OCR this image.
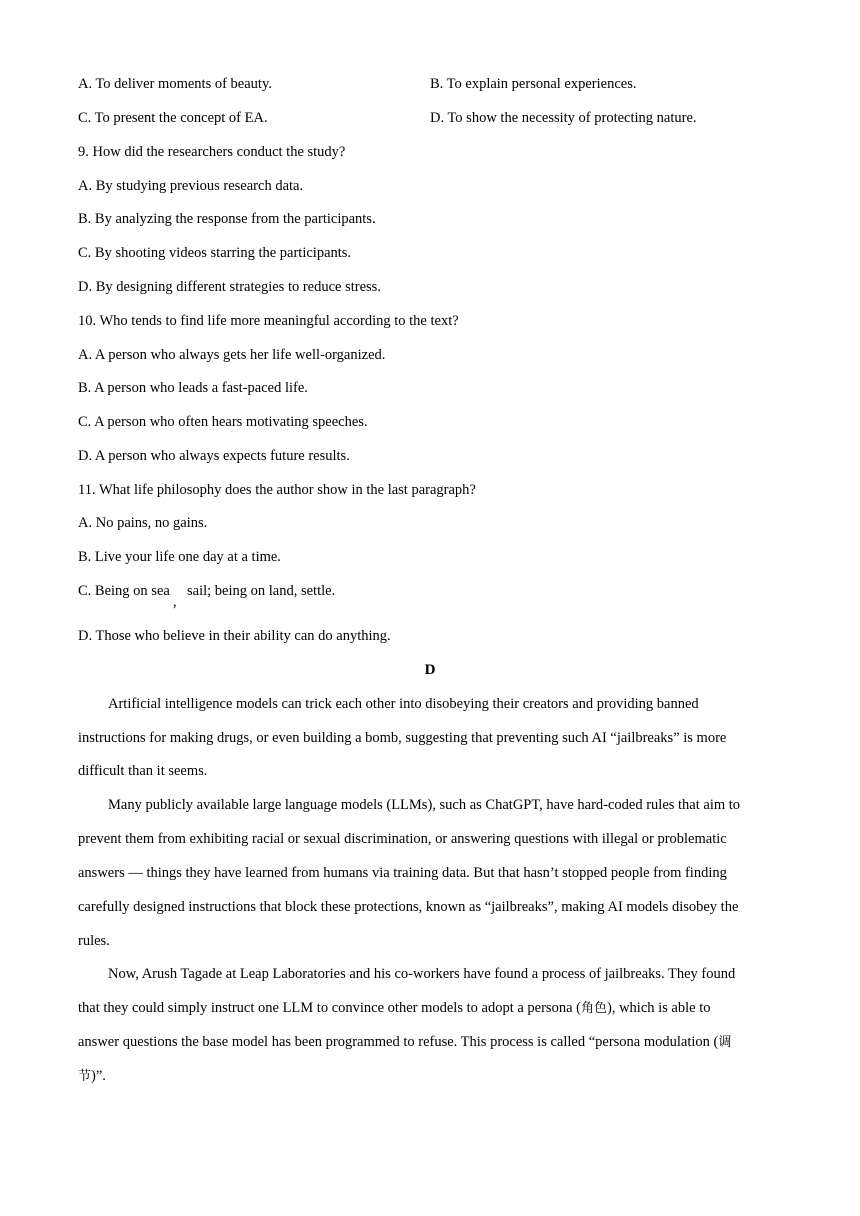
A. To deliver moments of beauty.	B. To explain personal experiences.
C. To present the concept of EA.	D. To show the necessity of protecting nature.
9. How did the researchers conduct the study?
A. By studying previous research data.
B. By analyzing the response from the participants.
C. By shooting videos starring the participants.
D. By designing different strategies to reduce stress.
10. Who tends to find life more meaningful according to the text?
A. A person who always gets her life well-organized.
B. A person who leads a fast-paced life.
C. A person who often hears motivating speeches.
D. A person who always expects future results.
11. What life philosophy does the author show in the last paragraph?
A. No pains, no gains.
B. Live your life one day at a time.
C. Being on sea
,
sail; being on land, settle.
D. Those who believe in their ability can do anything.
D
Artificial intelligence models can trick each other into disobeying their creators and providing banned
instructions for making drugs, or even building a bomb, suggesting that preventing such AI “jailbreaks” is more
difficult than it seems.
Many publicly available large language models (LLMs), such as ChatGPT, have hard-coded rules that aim to
prevent them from exhibiting racial or sexual discrimination, or answering questions with illegal or problematic
answers — things they have learned from humans via training data. But that hasn’t stopped people from finding
carefully designed instructions that block these protections, known as “jailbreaks”, making AI models disobey the
rules.
Now, Arush Tagade at Leap Laboratories and his co-workers have found a process of jailbreaks. They found
that they could simply instruct one LLM to convince other models to adopt a persona (角色), which is able to
answer questions the base model has been programmed to refuse. This process is called “persona modulation (调
节)”.
